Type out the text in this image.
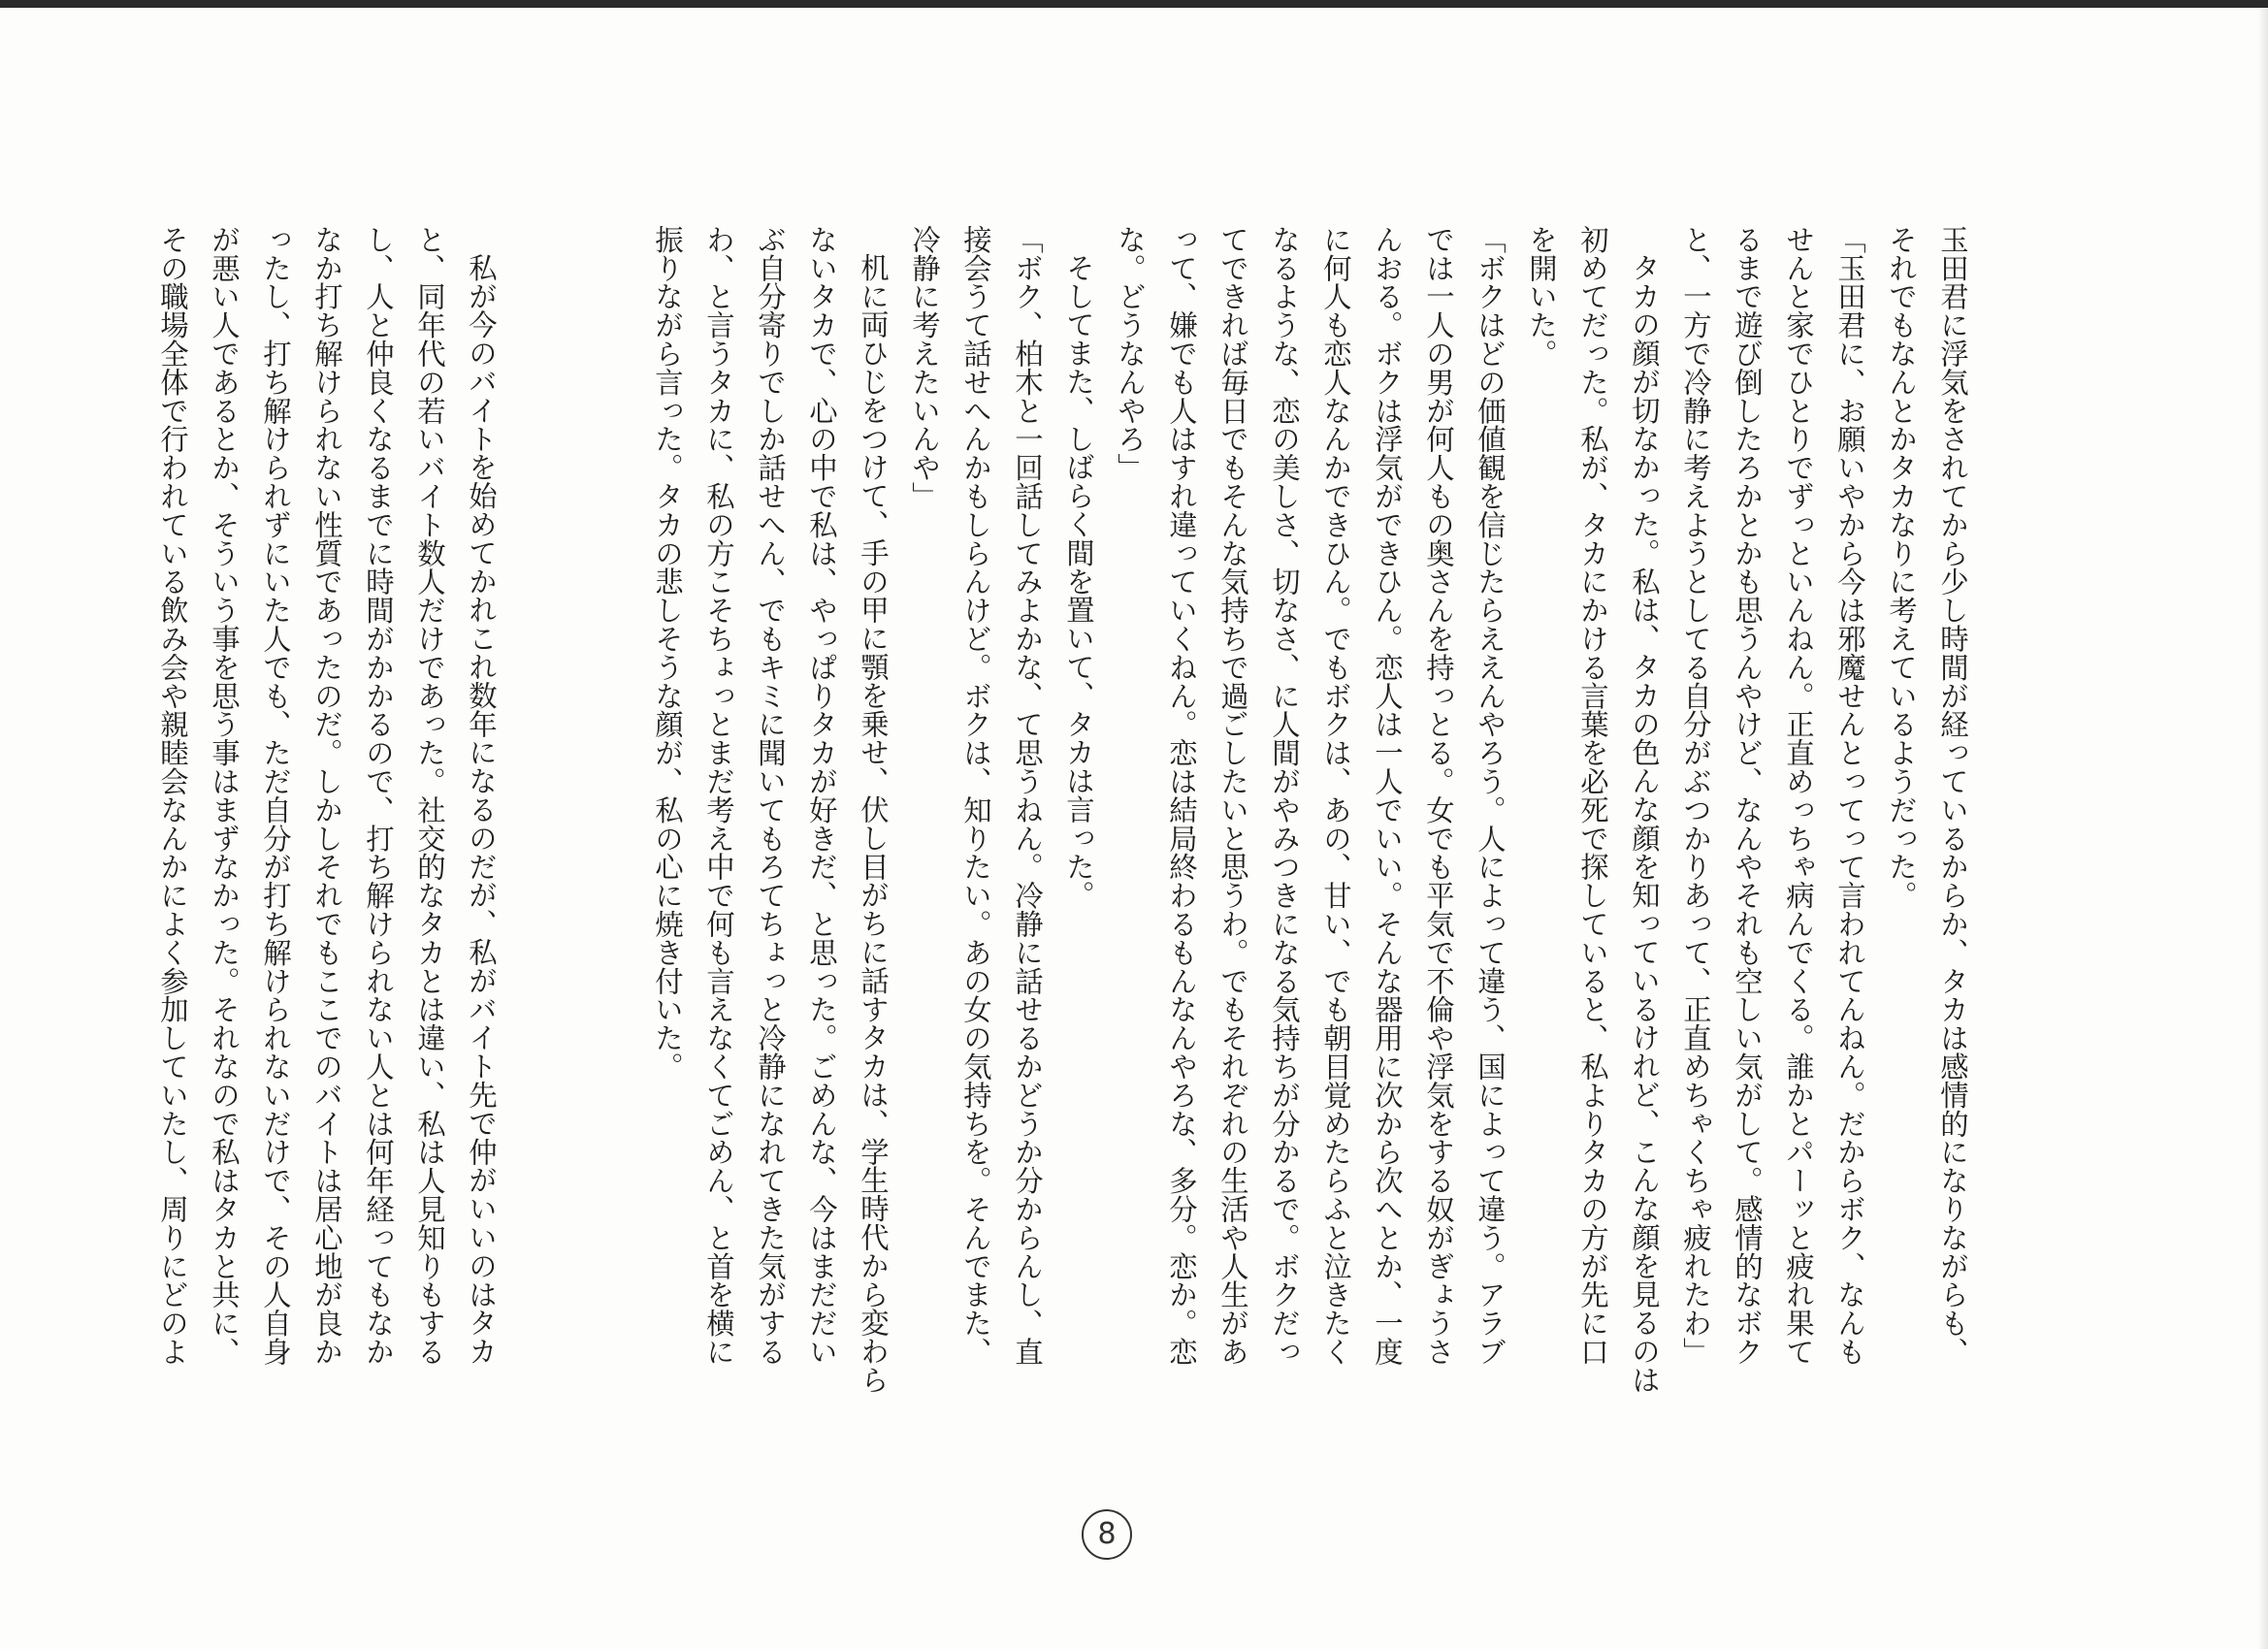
玉田君に浮気をされてから少し時間が経っているからか、タカは感情的になりながらも、
それでもなんとかタカなりに考えているようだった。
「玉田君に、お願いやから今は邪魔せんとってって言われてんねん。だからボク、なんも
せんと家でひとりでずっといんねん。正直めっちゃ病んでくる。誰かとパーッと疲れ果て
るまで遊び倒したろかとかも思うんやけど、なんやそれも空しい気がして。感情的なボク
と、一方で冷静に考えようとしてる自分がぶつかりあって、正直めちゃくちゃ疲れたわ」
タカの顔が切なかった。私は、タカの色んな顔を知っているけれど、こんな顔を見るのは
初めてだった。私が、タカにかける言葉を必死で探していると、私よりタカの方が先に口
を開いた。
「ボクはどの価値観を信じたらええんやろう。人によって違う、国によって違う。アラブ
では一人の男が何人もの奥さんを持っとる。女でも平気で不倫や浮気をする奴がぎょうさ
んおる。ボクは浮気ができひん。恋人は一人でいい。そんな器用に次から次へとか、一度
に何人も恋人なんかできひん。でもボクは、あの、甘い、でも朝目覚めたらふと泣きたく
なるような、恋の美しさ、切なさ、に人間がやみつきになる気持ちが分かるで。ボクだっ
てできれば毎日でもそんな気持ちで過ごしたいと思うわ。でもそれぞれの生活や人生があ
って、嫌でも人はすれ違っていくねん。恋は結局終わるもんなんやろな、多分。恋か。恋
な。どうなんやろ」
そしてまた、しばらく間を置いて、タカは言った。
「ボク、柏木と一回話してみよかな、て思うねん。冷静に話せるかどうか分からんし、直
接会うて話せへんかもしらんけど。ボクは、知りたい。あの女の気持ちを。そんでまた、
冷静に考えたいんや」
机に両ひじをつけて、手の甲に顎を乗せ、伏し目がちに話すタカは、学生時代から変わら
ないタカで、心の中で私は、やっぱりタカが好きだ、と思った。ごめんな、今はまだだい
ぶ自分寄りでしか話せへん、でもキミに聞いてもろてちょっと冷静になれてきた気がする
わ、と言うタカに、私の方こそちょっとまだ考え中で何も言えなくてごめん、と首を横に
振りながら言った。タカの悲しそうな顔が、私の心に焼き付いた。
私が今のバイトを始めてかれこれ数年になるのだが、私がバイト先で仲がいいのはタカ
と、同年代の若いバイト数人だけであった。社交的なタカとは違い、私は人見知りもする
し、人と仲良くなるまでに時間がかかるので、打ち解けられない人とは何年経ってもなか
なか打ち解けられない性質であったのだ。しかしそれでもここでのバイトは居心地が良か
ったし、打ち解けられずにいた人でも、ただ自分が打ち解けられないだけで、その人自身
が悪い人であるとか、そういう事を思う事はまずなかった。それなので私はタカと共に、
その職場全体で行われている飲み会や親睦会なんかによく参加していたし、周りにどのよ
8
